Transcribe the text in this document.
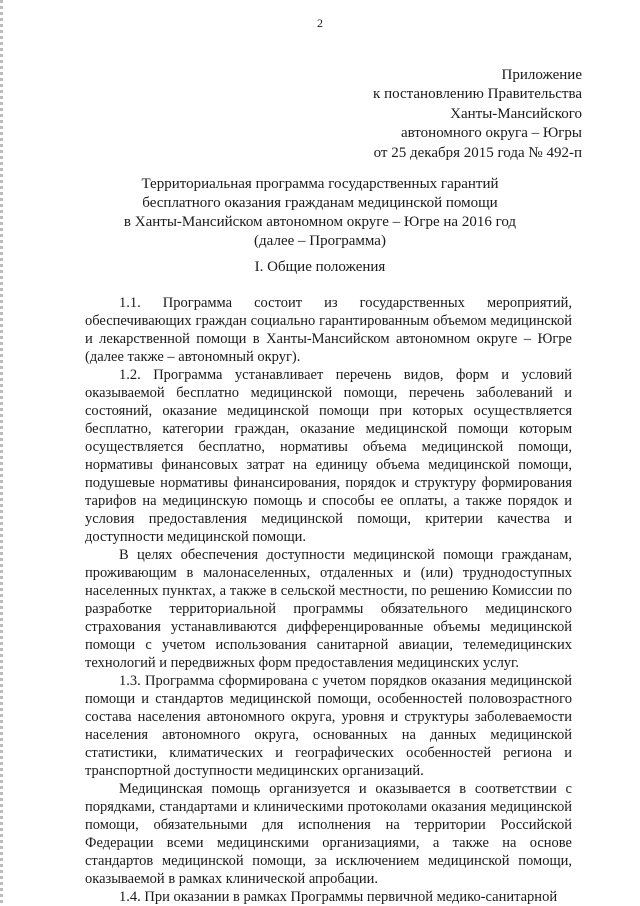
2
Приложение
к постановлению Правительства
Ханты-Мансийского
автономного округа – Югры
от 25 декабря 2015 года № 492-п
Территориальная программа государственных гарантий
бесплатного оказания гражданам медицинской помощи
в Ханты-Мансийском автономном округе – Югре на 2016 год
(далее – Программа)
I. Общие положения

1.1. Программа состоит из государственных мероприятий, обеспечивающих граждан социально гарантированным объемом медицинской и лекарственной помощи в Ханты-Мансийском автономном округе – Югре (далее также – автономный округ).

1.2. Программа устанавливает перечень видов, форм и условий оказываемой бесплатно медицинской помощи, перечень заболеваний и состояний, оказание медицинской помощи при которых осуществляется бесплатно, категории граждан, оказание медицинской помощи которым осуществляется бесплатно, нормативы объема медицинской помощи, нормативы финансовых затрат на единицу объема медицинской помощи, подушевые нормативы финансирования, порядок и структуру формирования тарифов на медицинскую помощь и способы ее оплаты, а также порядок и условия предоставления медицинской помощи, критерии качества и доступности медицинской помощи.

В целях обеспечения доступности медицинской помощи гражданам, проживающим в малонаселенных, отдаленных и (или) труднодоступных населенных пунктах, а также в сельской местности, по решению Комиссии по разработке территориальной программы обязательного медицинского страхования устанавливаются дифференцированные объемы медицинской помощи с учетом использования санитарной авиации, телемедицинских технологий и передвижных форм предоставления медицинских услуг.

1.3. Программа сформирована с учетом порядков оказания медицинской помощи и стандартов медицинской помощи, особенностей половозрастного состава населения автономного округа, уровня и структуры заболеваемости населения автономного округа, основанных на данных медицинской статистики, климатических и географических особенностей региона и транспортной доступности медицинских организаций.

Медицинская помощь организуется и оказывается в соответствии с порядками, стандартами и клиническими протоколами оказания медицинской помощи, обязательными для исполнения на территории Российской Федерации всеми медицинскими организациями, а также на основе стандартов медицинской помощи, за исключением медицинской помощи, оказываемой в рамках клинической апробации.

1.4. При оказании в рамках Программы первичной медико-санитарной
